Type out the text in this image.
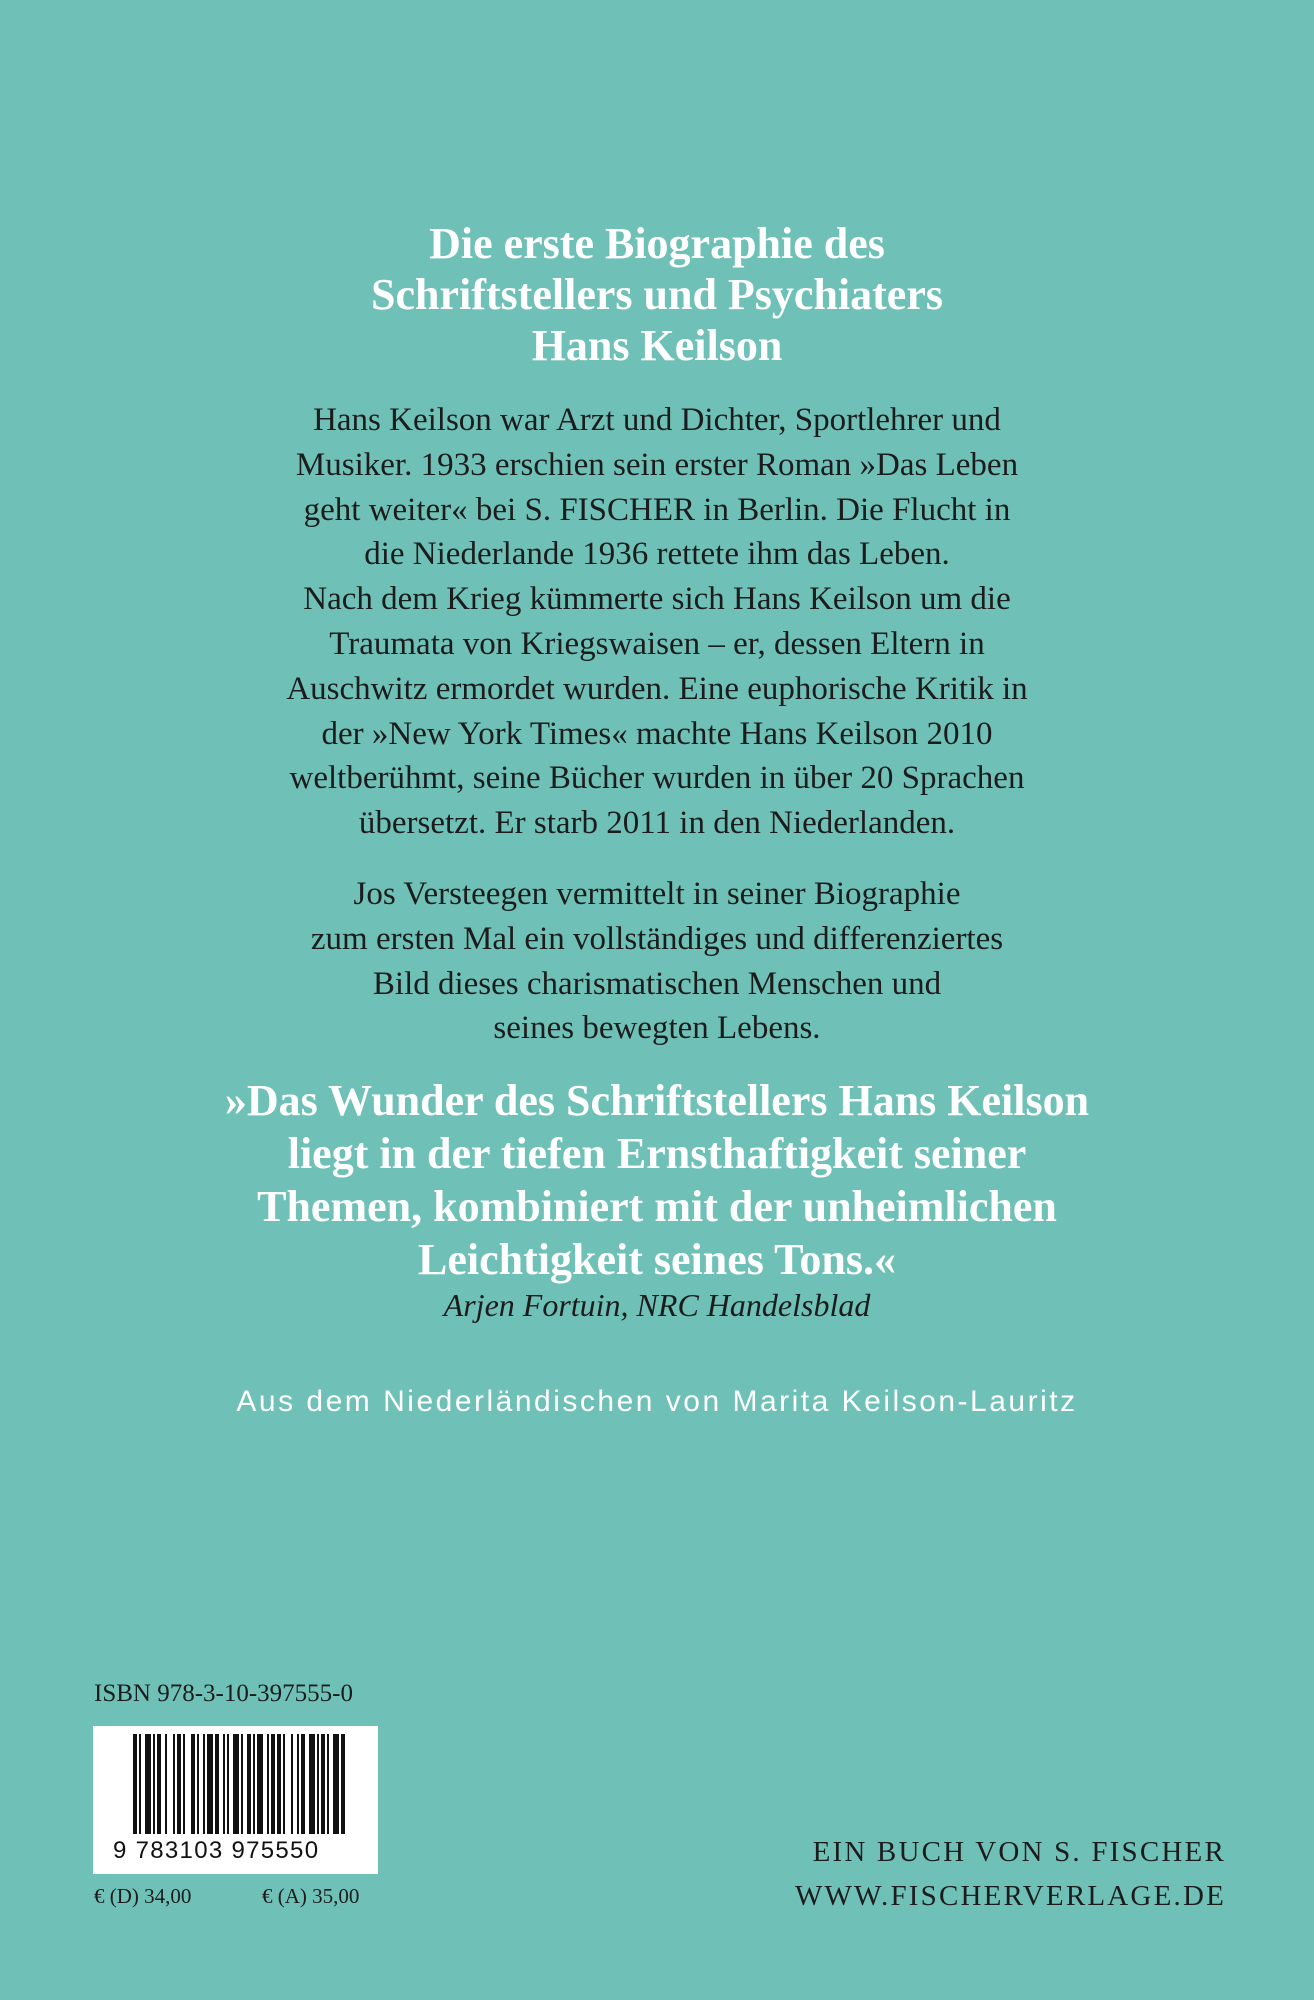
Die erste Biographie des
Schriftstellers und Psychiaters
Hans Keilson
Hans Keilson war Arzt und Dichter, Sportlehrer und
Musiker. 1933 erschien sein erster Roman »Das Leben
geht weiter« bei S. FISCHER in Berlin. Die Flucht in
die Niederlande 1936 rettete ihm das Leben.
Nach dem Krieg kümmerte sich Hans Keilson um die
Traumata von Kriegswaisen – er, dessen Eltern in
Auschwitz ermordet wurden. Eine euphorische Kritik in
der »New York Times« machte Hans Keilson 2010
weltberühmt, seine Bücher wurden in über 20 Sprachen
übersetzt. Er starb 2011 in den Niederlanden.
Jos Versteegen vermittelt in seiner Biographie
zum ersten Mal ein vollständiges und differenziertes
Bild dieses charismatischen Menschen und
seines bewegten Lebens.
»Das Wunder des Schriftstellers Hans Keilson
liegt in der tiefen Ernsthaftigkeit seiner
Themen, kombiniert mit der unheimlichen
Leichtigkeit seines Tons.«
Arjen Fortuin, NRC Handelsblad
Aus dem Niederländischen von Marita Keilson-Lauritz
ISBN 978-3-10-397555-0
9 783103 975550
€ (D) 34,00	€ (A) 35,00
EIN BUCH VON S. FISCHER
WWW.FISCHERVERLAGE.DE
